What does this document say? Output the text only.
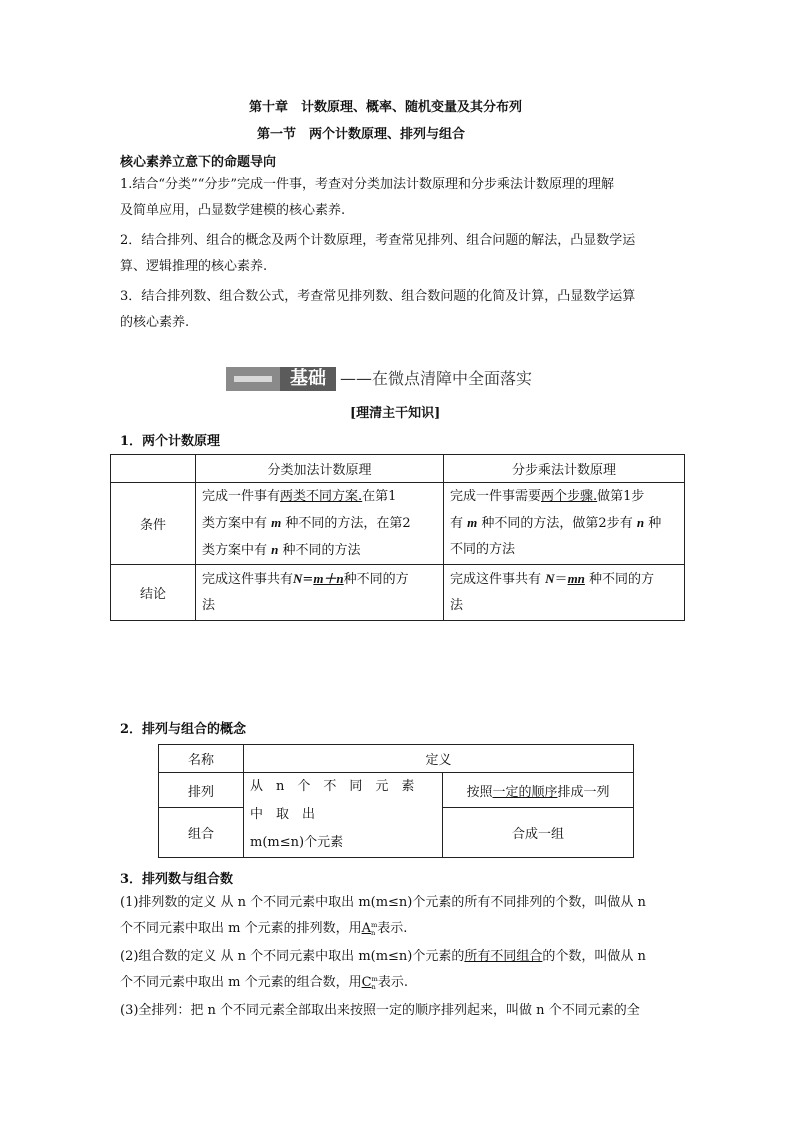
第十章　计数原理、概率、随机变量及其分布列
第一节　两个计数原理、排列与组合
核心素养立意下的命题导向
1.结合“分类”“分步”完成一件事，考查对分类加法计数原理和分步乘法计数原理的理解
及简单应用，凸显数学建模的核心素养.
2．结合排列、组合的概念及两个计数原理，考查常见排列、组合问题的解法，凸显数学运
算、逻辑推理的核心素养.
3．结合排列数、组合数公式，考查常见排列数、组合数问题的化简及计算，凸显数学运算
的核心素养.
基础 ——在微点清障中全面落实
[理清主干知识]
1．两个计数原理
	分类加法计数原理	分步乘法计数原理
条件	完成一件事有两类不同方案.在第1
类方案中有 m 种不同的方法，在第2
类方案中有 n 种不同的方法	完成一件事需要两个步骤.做第1步
有 m 种不同的方法，做第2步有 n 种
不同的方法
结论	完成这件事共有N=m＋n种不同的方
法	完成这件事共有 N＝mn 种不同的方
法
2．排列与组合的概念
名称	定义	
排列	从　n　个　不　同　元　素　中　取　出
m(m≤n)个元素	按照一定的顺序排成一列
组合		合成一组
3．排列数与组合数
(1)排列数的定义 从 n 个不同元素中取出 m(m≤n)个元素的所有不同排列的个数，叫做从 n
个不同元素中取出 m 个元素的排列数，用A m
n 表示.
(2)组合数的定义 从 n 个不同元素中取出 m(m≤n)个元素的所有不同组合的个数，叫做从 n
个不同元素中取出 m 个元素的组合数，用C m
n 表示.
(3)全排列：把 n 个不同元素全部取出来按照一定的顺序排列起来，叫做 n 个不同元素的全
